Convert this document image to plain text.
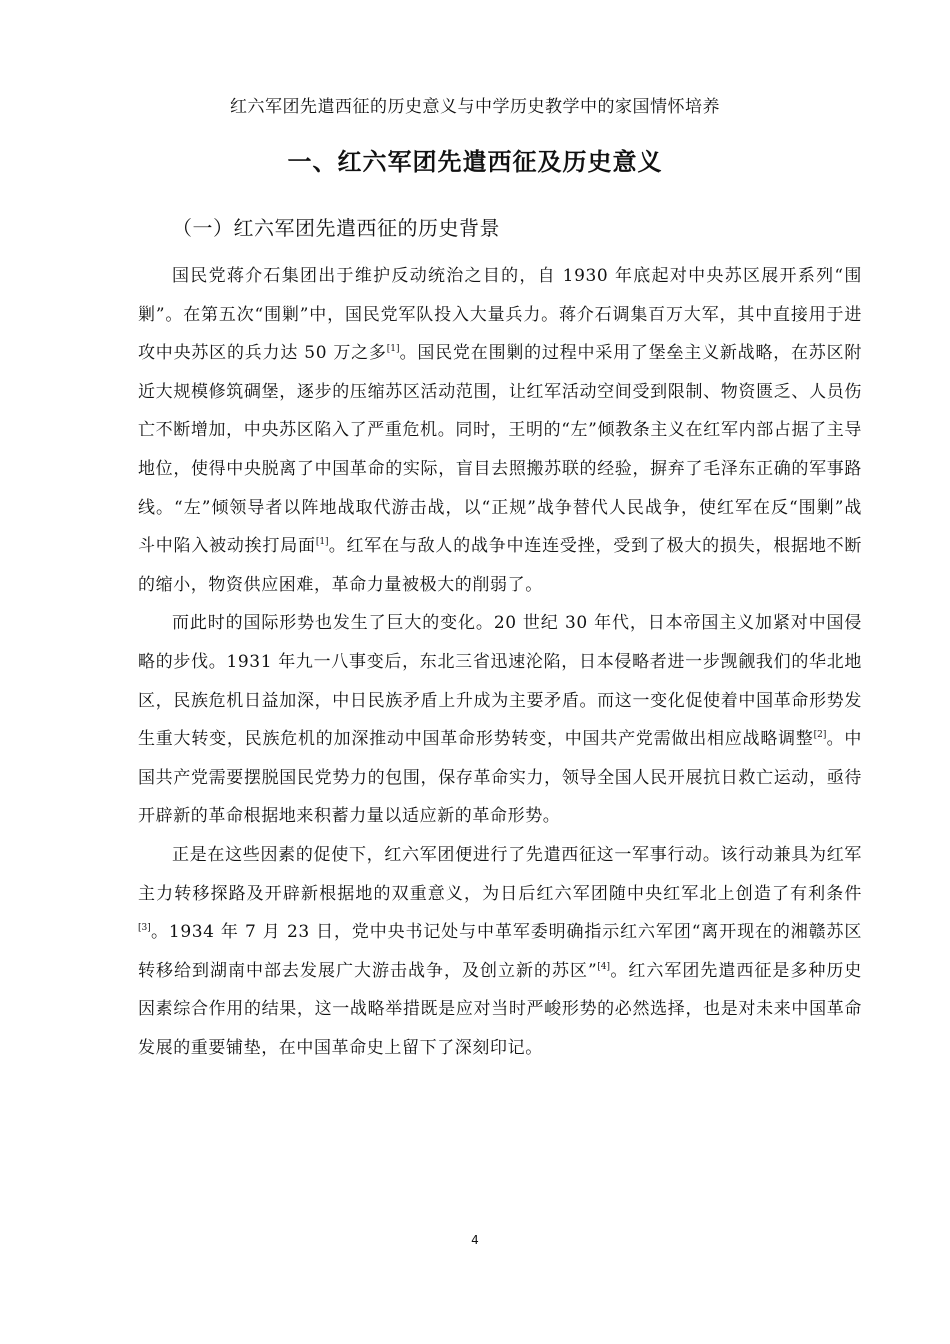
红六军团先遣西征的历史意义与中学历史教学中的家国情怀培养
一、红六军团先遣西征及历史意义
（一）红六军团先遣西征的历史背景

国民党蒋介石集团出于维护反动统治之目的，自 1930 年底起对中央苏区展开系列“围剿”。在第五次“围剿”中，国民党军队投入大量兵力。蒋介石调集百万大军，其中直接用于进攻中央苏区的兵力达 50 万之多[1]。国民党在围剿的过程中采用了堡垒主义新战略，在苏区附近大规模修筑碉堡，逐步的压缩苏区活动范围，让红军活动空间受到限制、物资匮乏、人员伤亡不断增加，中央苏区陷入了严重危机。同时，王明的“左”倾教条主义在红军内部占据了主导地位，使得中央脱离了中国革命的实际，盲目去照搬苏联的经验，摒弃了毛泽东正确的军事路线。“左”倾领导者以阵地战取代游击战，以“正规”战争替代人民战争，使红军在反“围剿”战斗中陷入被动挨打局面[1]。红军在与敌人的战争中连连受挫，受到了极大的损失，根据地不断的缩小，物资供应困难，革命力量被极大的削弱了。

而此时的国际形势也发生了巨大的变化。20 世纪 30 年代，日本帝国主义加紧对中国侵略的步伐。1931 年九一八事变后，东北三省迅速沦陷，日本侵略者进一步觊觎我们的华北地区，民族危机日益加深，中日民族矛盾上升成为主要矛盾。而这一变化促使着中国革命形势发生重大转变，民族危机的加深推动中国革命形势转变，中国共产党需做出相应战略调整[2]。中国共产党需要摆脱国民党势力的包围，保存革命实力，领导全国人民开展抗日救亡运动，亟待开辟新的革命根据地来积蓄力量以适应新的革命形势。

正是在这些因素的促使下，红六军团便进行了先遣西征这一军事行动。该行动兼具为红军主力转移探路及开辟新根据地的双重意义，为日后红六军团随中央红军北上创造了有利条件[3]。1934 年 7 月 23 日，党中央书记处与中革军委明确指示红六军团“离开现在的湘赣苏区转移给到湖南中部去发展广大游击战争，及创立新的苏区”[4]。红六军团先遣西征是多种历史因素综合作用的结果，这一战略举措既是应对当时严峻形势的必然选择，也是对未来中国革命发展的重要铺垫，在中国革命史上留下了深刻印记。

4
